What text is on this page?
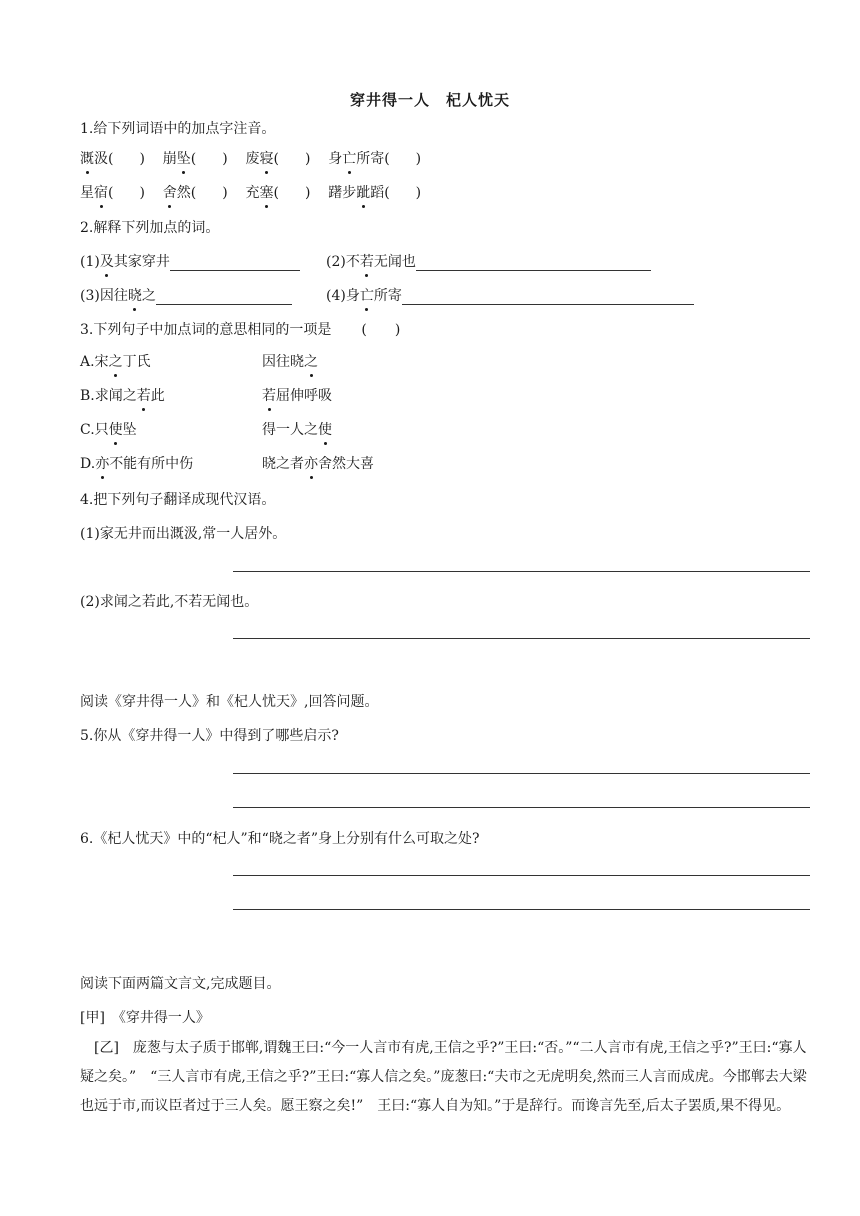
穿井得一人　杞人忧天
1.给下列词语中的加点字注音。
溉汲( )    崩坠( )    废寝( )    身亡所寄( )
星宿( )    舍然( )    充塞( )    躇步跐蹈( )
2.解释下列加点的词。
(1)及其家穿井	(2)不若无闻也
(3)因往晓之	(4)身亡所寄
3.下列句子中加点词的意思相同的一项是 (　　)
A.宋之丁氏	因往晓之
B.求闻之若此	若屈伸呼吸
C.只使坠	得一人之使
D.亦不能有所中伤	晓之者亦舍然大喜
4.把下列句子翻译成现代汉语。
(1)家无井而出溉汲,常一人居外。
(2)求闻之若此,不若无闻也。
阅读《穿井得一人》和《杞人忧天》,回答问题。
5.你从《穿井得一人》中得到了哪些启示?
6.《杞人忧天》中的“杞人”和“晓之者”身上分别有什么可取之处?
阅读下面两篇文言文,完成题目。
[甲]　《穿井得一人》
[乙]　庞葱与太子质于邯郸,谓魏王曰:“今一人言市有虎,王信之乎?”王曰:“否。”“二人言市有虎,王信之乎?”王曰:“寡人疑之矣。”　“三人言市有虎,王信之乎?”王曰:“寡人信之矣。”庞葱曰:“夫市之无虎明矣,然而三人言而成虎。今邯郸去大梁也远于市,而议臣者过于三人矣。愿王察之矣!”　王曰:“寡人自为知。”于是辞行。而谗言先至,后太子罢质,果不得见。
